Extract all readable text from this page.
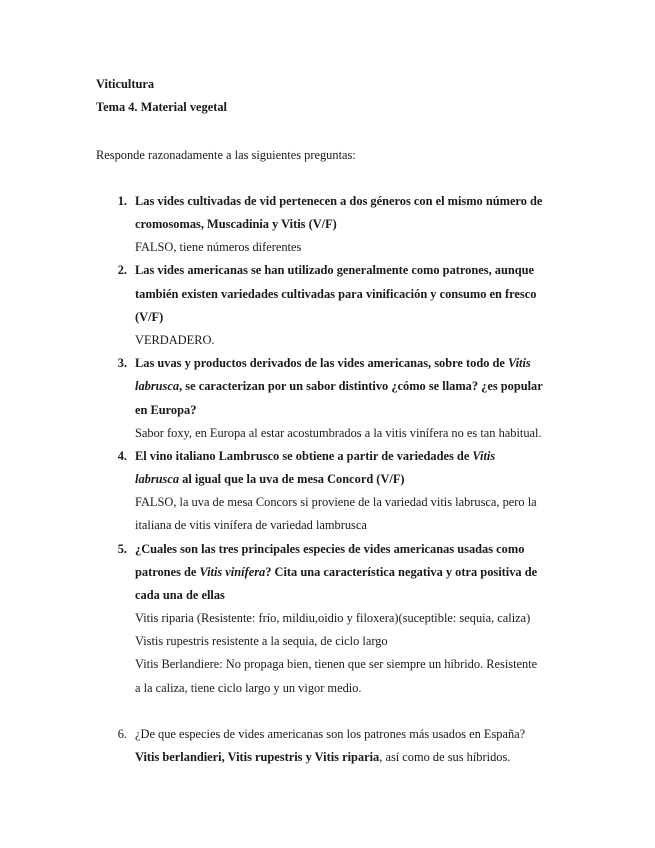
Viticultura
Tema 4. Material vegetal
Responde razonadamente a las siguientes preguntas:
1. Las vides cultivadas de vid pertenecen a dos géneros con el mismo número de
cromosomas, Muscadinia y Vitis (V/F)
FALSO, tiene números diferentes
2. Las vides americanas se han utilizado generalmente como patrones, aunque
también existen variedades cultivadas para vinificación y consumo en fresco
(V/F)
VERDADERO.
3. Las uvas y productos derivados de las vides americanas, sobre todo de Vitis
labrusca, se caracterizan por un sabor distintivo ¿cómo se llama? ¿es popular
en Europa?
Sabor foxy, en Europa al estar acostumbrados a la vitis vinífera no es tan habitual.
4. El vino italiano Lambrusco se obtiene a partir de variedades de Vitis
labrusca al igual que la uva de mesa Concord (V/F)
FALSO, la uva de mesa Concors si proviene de la variedad vitis labrusca, pero la
italiana de vitis vinífera de variedad lambrusca
5. ¿Cuales son las tres principales especies de vides americanas usadas como
patrones de Vitis vinífera? Cita una característica negativa y otra positiva de
cada una de ellas
Vitis riparia (Resistente: frío, mildiu,oidio y filoxera)(suceptible: sequia, caliza)
Vistis rupestris resistente a la sequia, de ciclo largo
Vitis Berlandiere: No propaga bien, tienen que ser siempre un híbrido. Resistente
a la caliza, tiene ciclo largo y un vigor medio.
6. ¿De que especies de vides americanas son los patrones más usados en España?
Vitis berlandieri, Vitis rupestris y Vitis riparia, así como de sus híbridos.
